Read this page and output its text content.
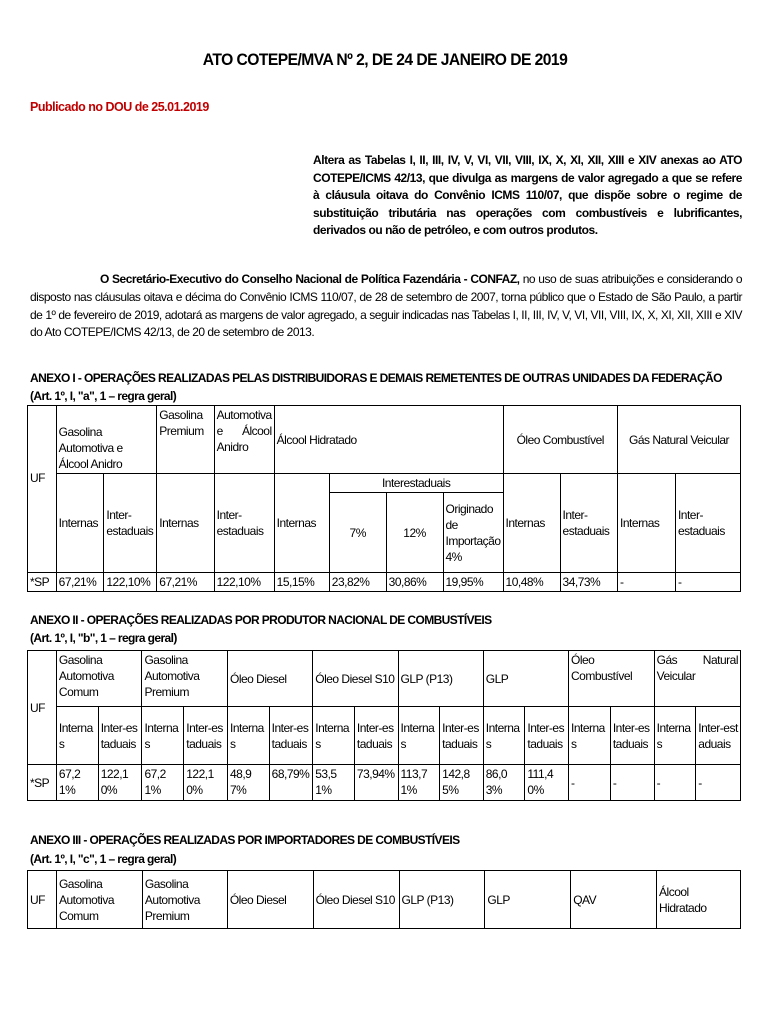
ATO COTEPE/MVA Nº 2, DE 24 DE JANEIRO DE 2019
Publicado no DOU de 25.01.2019
Altera as Tabelas I, II, III, IV, V, VI, VII, VIII, IX, X, XI, XII, XIII e XIV anexas ao ATO COTEPE/ICMS 42/13, que divulga as margens de valor agregado a que se refere à cláusula oitava do Convênio ICMS 110/07, que dispõe sobre o regime de substituição tributária nas operações com combustíveis e lubrificantes, derivados ou não de petróleo, e com outros produtos.
O Secretário-Executivo do Conselho Nacional de Política Fazendária - CONFAZ, no uso de suas atribuições e considerando o disposto nas cláusulas oitava e décima do Convênio ICMS 110/07, de 28 de setembro de 2007, torna público que o Estado de São Paulo, a partir de 1º de fevereiro de 2019, adotará as margens de valor agregado, a seguir indicadas nas Tabelas I, II, III, IV, V, VI, VII, VIII, IX, X, XI, XII, XIII e XIV do Ato COTEPE/ICMS 42/13, de 20 de setembro de 2013.
ANEXO I - OPERAÇÕES REALIZADAS PELAS DISTRIBUIDORAS E DEMAIS REMETENTES DE OUTRAS UNIDADES DA FEDERAÇÃO
(Art. 1º, I, "a", 1 – regra geral)
UF	Gasolina Automotiva e Álcool Anidro		Gasolina Premium	Automotiva e Álcool Anidro	Álcool Hidratado				Óleo Combustível		Gás Natural Veicular	
	Internas	Inter-estaduais	Internas	Inter-estaduais	Internas	Interestaduais			Internas	Inter-estaduais	Internas	Inter-estaduais
						7%	12%	Originado de Importação 4%				

*SP	67,21%	122,10%	67,21%	122,10%	15,15%	23,82%	30,86%	19,95%	10,48%	34,73%	-	-
ANEXO II - OPERAÇÕES REALIZADAS POR PRODUTOR NACIONAL DE COMBUSTÍVEIS
(Art. 1º, I, "b", 1 – regra geral)
UF	Gasolina Automotiva Comum		Gasolina Automotiva Premium		Óleo Diesel		Óleo Diesel S10		GLP (P13)		GLP		Óleo Combustível		Gás Natural Veicular	
	Internas	Inter-estaduais	Internas	Inter-estaduais	Internas	Inter-estaduais	Internas	Inter-estaduais	Internas	Inter-estaduais	Internas	Inter-estaduais	Internas	Inter-estaduais	Internas	Inter-estaduais
*SP	67,21%	122,10%	67,21%	122,10%	48,97%	68,79%	53,51%	73,94%	113,71%	142,85%	86,03%	111,40%	-	-	-	-
ANEXO III - OPERAÇÕES REALIZADAS POR IMPORTADORES DE COMBUSTÍVEIS
(Art. 1º, I, "c", 1 – regra geral)
UF	Gasolina Automotiva Comum	Gasolina Automotiva Premium	Óleo Diesel	Óleo Diesel S10	GLP (P13)	GLP	QAV	Álcool Hidratado
